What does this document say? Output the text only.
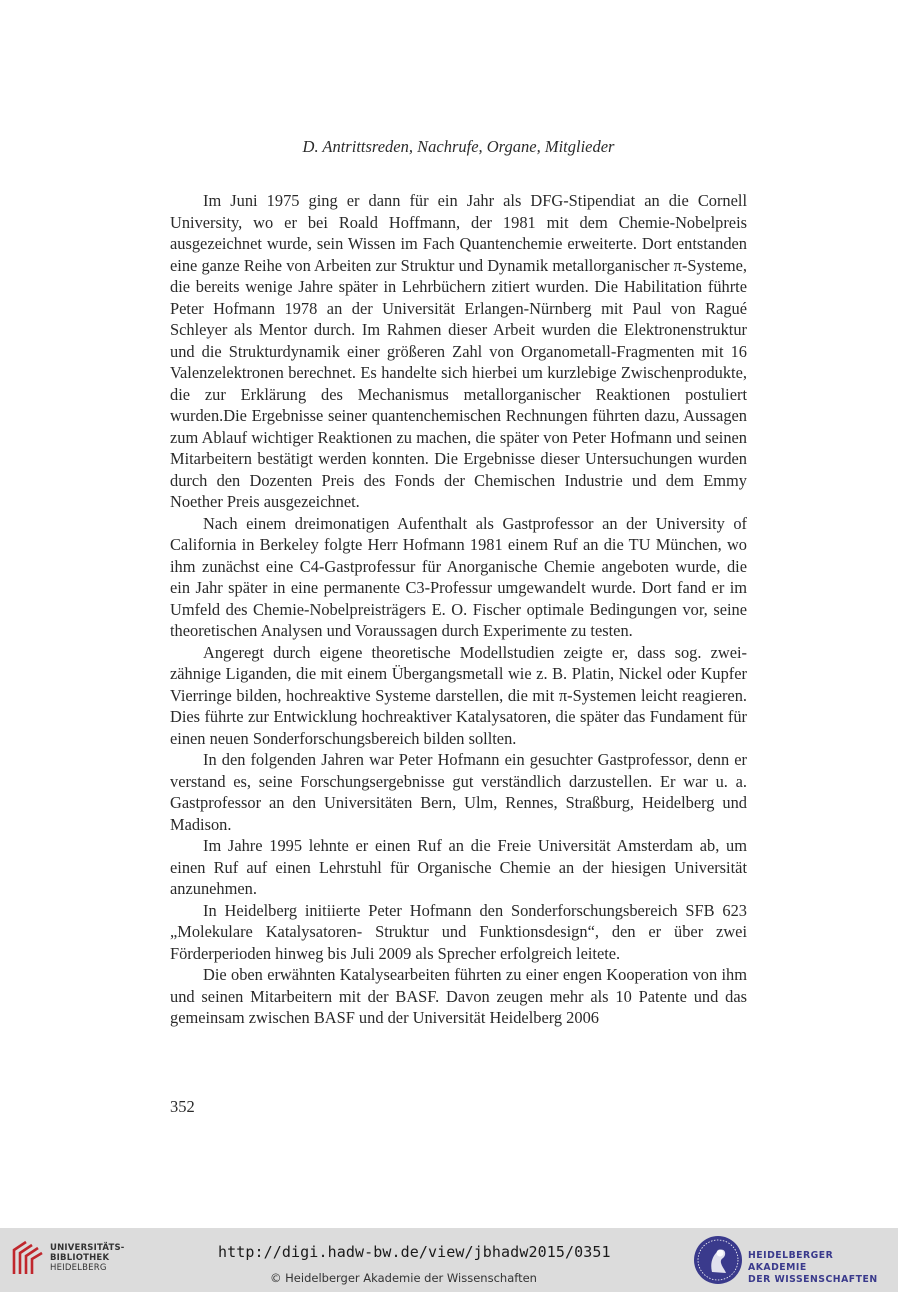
D. Antrittsreden, Nachrufe, Organe, Mitglieder

Im Juni 1975 ging er dann für ein Jahr als DFG-Stipendiat an die Cornell University, wo er bei Roald Hoffmann, der 1981 mit dem Chemie-Nobelpreis ausgezeichnet wurde, sein Wissen im Fach Quantenchemie erweiterte. Dort entstanden eine ganze Reihe von Arbeiten zur Struktur und Dynamik metallorganischer π-Systeme, die bereits wenige Jahre später in Lehrbüchern zitiert wurden. Die Habilitation führte Peter Hofmann 1978 an der Universität Erlangen-Nürnberg mit Paul von Ragué Schleyer als Mentor durch. Im Rahmen dieser Arbeit wurden die Elektronenstruktur und die Strukturdynamik einer größeren Zahl von Organometall-Fragmenten mit 16 Valenzelektronen berechnet. Es handelte sich hierbei um kurzlebige Zwischenprodukte, die zur Erklärung des Mechanismus metallorganischer Reaktionen postuliert wurden.Die Ergebnisse seiner quantenchemischen Rechnungen führten dazu, Aussagen zum Ablauf wichtiger Reaktionen zu machen, die später von Peter Hofmann und seinen Mitarbeitern bestätigt werden konnten. Die Ergebnisse dieser Untersuchungen wurden durch den Dozenten Preis des Fonds der Chemischen Industrie und dem Emmy Noether Preis ausgezeichnet.

Nach einem dreimonatigen Aufenthalt als Gastprofessor an der University of California in Berkeley folgte Herr Hofmann 1981 einem Ruf an die TU München, wo ihm zunächst eine C4-Gastprofessur für Anorganische Chemie angeboten wurde, die ein Jahr später in eine permanente C3-Professur umgewandelt wurde. Dort fand er im Umfeld des Chemie-Nobelpreisträgers E. O. Fischer optimale Bedingungen vor, seine theoretischen Analysen und Voraussagen durch Experimente zu testen.

Angeregt durch eigene theoretische Modellstudien zeigte er, dass sog. zweizähnige Liganden, die mit einem Übergangsmetall wie z. B. Platin, Nickel oder Kupfer Vierringe bilden, hochreaktive Systeme darstellen, die mit π-Systemen leicht reagieren. Dies führte zur Entwicklung hochreaktiver Katalysatoren, die später das Fundament für einen neuen Sonderforschungsbereich bilden sollten.

In den folgenden Jahren war Peter Hofmann ein gesuchter Gastprofessor, denn er verstand es, seine Forschungsergebnisse gut verständlich darzustellen. Er war u. a. Gastprofessor an den Universitäten Bern, Ulm, Rennes, Straßburg, Heidelberg und Madison.

Im Jahre 1995 lehnte er einen Ruf an die Freie Universität Amsterdam ab, um einen Ruf auf einen Lehrstuhl für Organische Chemie an der hiesigen Universität anzunehmen.

In Heidelberg initiierte Peter Hofmann den Sonderforschungsbereich SFB 623 „Molekulare Katalysatoren- Struktur und Funktionsdesign“, den er über zwei Förderperioden hinweg bis Juli 2009 als Sprecher erfolgreich leitete.

Die oben erwähnten Katalysearbeiten führten zu einer engen Kooperation von ihm und seinen Mitarbeitern mit der BASF. Davon zeugen mehr als 10 Patente und das gemeinsam zwischen BASF und der Universität Heidelberg 2006

352
UNIVERSITÄTS-
BIBLIOTHEK
HEIDELBERG
http://digi.hadw-bw.de/view/jbhadw2015/0351
© Heidelberger Akademie der Wissenschaften
HEIDELBERGER AKADEMIE
DER WISSENSCHAFTEN
